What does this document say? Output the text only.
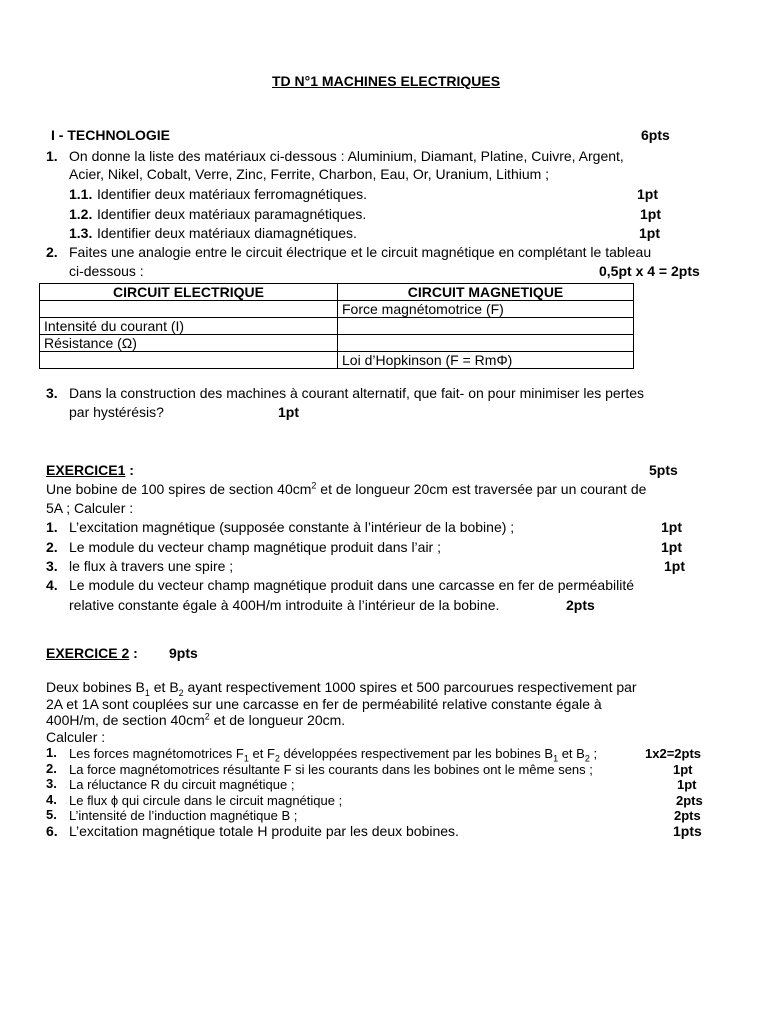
TD N°1 MACHINES ELECTRIQUES
I - TECHNOLOGIE	6pts
1. On donne la liste des matériaux ci-dessous : Aluminium, Diamant, Platine, Cuivre, Argent,
Acier, Nikel, Cobalt, Verre, Zinc, Ferrite, Charbon, Eau, Or, Uranium, Lithium ;
1.1. Identifier deux matériaux ferromagnétiques.	1pt
1.2. Identifier deux matériaux paramagnétiques.	1pt
1.3. Identifier deux matériaux diamagnétiques.	1pt
2. Faites une analogie entre le circuit électrique et le circuit magnétique en complétant le tableau
ci-dessous :	0,5pt x 4 = 2pts
CIRCUIT ELECTRIQUE	CIRCUIT MAGNETIQUE
	Force magnétomotrice (F)
Intensité du courant (I)	
Résistance (Ω)	
	Loi d’Hopkinson (F = RmΦ)
3. Dans la construction des machines à courant alternatif, que fait- on pour minimiser les pertes
par hystérésis?	1pt
EXERCICE1 :	5pts
Une bobine de 100 spires de section $40cm^2$ et de longueur 20cm est traversée par un courant de
5A ; Calculer :
1. L’excitation magnétique (supposée constante à l’intérieur de la bobine) ;	1pt
2. Le module du vecteur champ magnétique produit dans l’air ;	1pt
3. le flux à travers une spire ;	1pt
4. Le module du vecteur champ magnétique produit dans une carcasse en fer de perméabilité
relative constante égale à 400H/m introduite à l’intérieur de la bobine.	2pts
EXERCICE 2 : 9pts
Deux bobines $B_1$ et $B_2$ ayant respectivement 1000 spires et 500 parcourues respectivement par
2A et 1A sont couplées sur une carcasse en fer de perméabilité relative constante égale à
400H/m, de section $40cm^2$ et de longueur 20cm.
Calculer :
1. Les forces magnétomotrices $F_1$ et $F_2$ développées respectivement par les bobines $B_1$ et $B_2$ ;	1x2=2pts
2. La force magnétomotrices résultante F si les courants dans les bobines ont le même sens ;	1pt
3. La réluctance R du circuit magnétique ;	1pt
4. Le flux ϕ qui circule dans le circuit magnétique ;	2pts
5. L’intensité de l’induction magnétique B ;	2pts
6. L’excitation magnétique totale H produite par les deux bobines.	1pts
